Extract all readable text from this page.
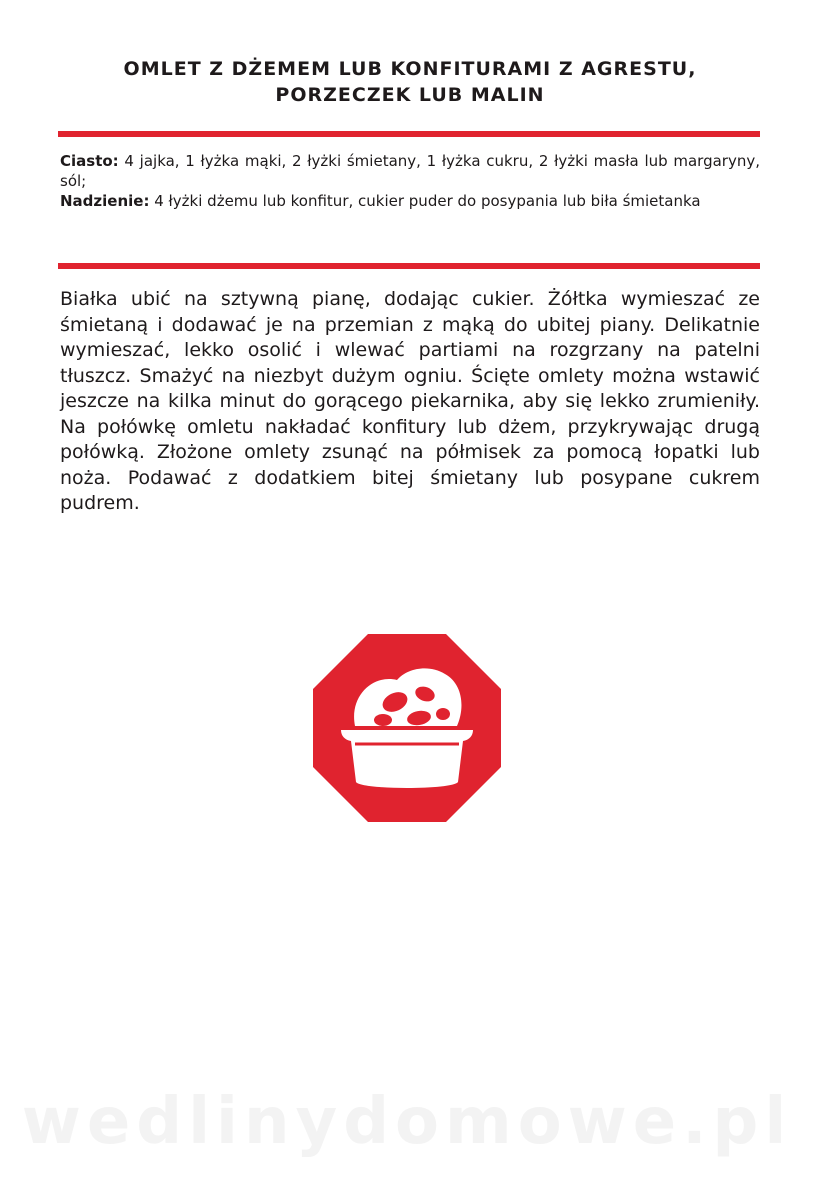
OMLET Z DŻEMEM LUB KONFITURAMI Z AGRESTU,
PORZECZEK LUB MALIN

Ciasto: 4 jajka, 1 łyżka mąki, 2 łyżki śmietany, 1 łyżka cukru, 2 łyżki masła lub margaryny, sól;

Nadzienie: 4 łyżki dżemu lub konfitur, cukier puder do posypania lub biła śmietanka

Białka ubić na sztywną pianę, dodając cukier. Żółtka wymieszać ze śmietaną i dodawać je na przemian z mąką do ubitej piany. Delikatnie wymieszać, lekko osolić i wlewać partiami na rozgrzany na patelni tłuszcz. Smażyć na niezbyt dużym ogniu. Ścięte omlety można wstawić jeszcze na kilka minut do gorącego piekarnika, aby się lekko zrumieniły. Na połówkę omletu nakładać konfitury lub dżem, przykrywając drugą połówką. Złożone omlety zsunąć na półmisek za pomocą łopatki lub noża. Podawać z dodatkiem bitej śmietany lub posypane cukrem pudrem.
wedlinydomowe.pl
